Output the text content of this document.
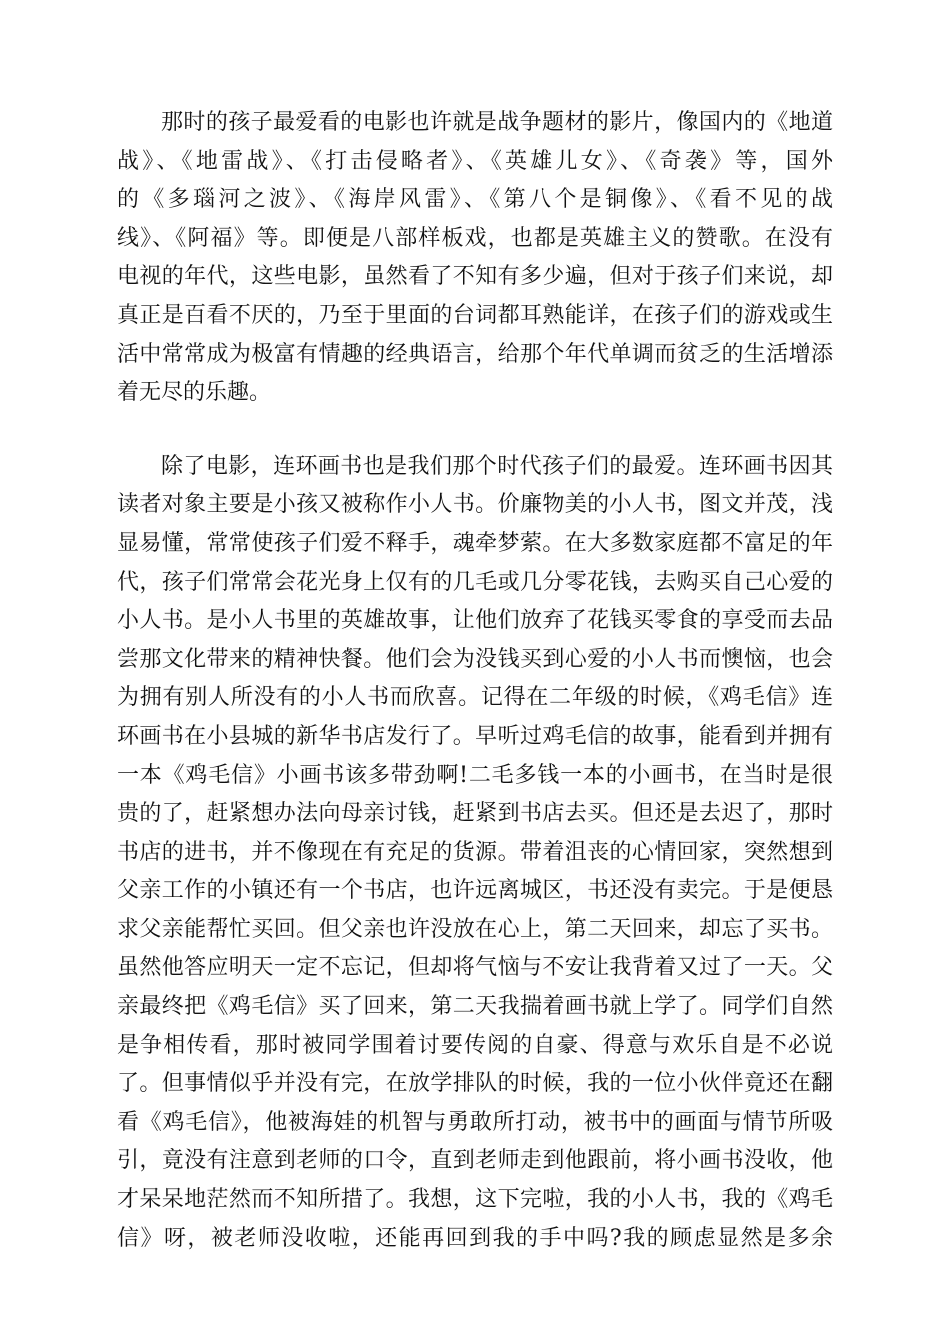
那时的孩子最爱看的电影也许就是战争题材的影片，像国内的《地道
战》、《地雷战》、《打击侵略者》、《英雄儿女》、《奇袭》等，国外
的《多瑙河之波》、《海岸风雷》、《第八个是铜像》、《看不见的战
线》、《阿福》等。即便是八部样板戏，也都是英雄主义的赞歌。在没有
电视的年代，这些电影，虽然看了不知有多少遍，但对于孩子们来说，却
真正是百看不厌的，乃至于里面的台词都耳熟能详，在孩子们的游戏或生
活中常常成为极富有情趣的经典语言，给那个年代单调而贫乏的生活增添
着无尽的乐趣。
除了电影，连环画书也是我们那个时代孩子们的最爱。连环画书因其
读者对象主要是小孩又被称作小人书。价廉物美的小人书，图文并茂，浅
显易懂，常常使孩子们爱不释手，魂牵梦萦。在大多数家庭都不富足的年
代，孩子们常常会花光身上仅有的几毛或几分零花钱，去购买自己心爱的
小人书。是小人书里的英雄故事，让他们放弃了花钱买零食的享受而去品
尝那文化带来的精神快餐。他们会为没钱买到心爱的小人书而懊恼，也会
为拥有别人所没有的小人书而欣喜。记得在二年级的时候，《鸡毛信》连
环画书在小县城的新华书店发行了。早听过鸡毛信的故事，能看到并拥有
一本《鸡毛信》小画书该多带劲啊!二毛多钱一本的小画书，在当时是很
贵的了，赶紧想办法向母亲讨钱，赶紧到书店去买。但还是去迟了，那时
书店的进书，并不像现在有充足的货源。带着沮丧的心情回家，突然想到
父亲工作的小镇还有一个书店，也许远离城区，书还没有卖完。于是便恳
求父亲能帮忙买回。但父亲也许没放在心上，第二天回来，却忘了买书。
虽然他答应明天一定不忘记，但却将气恼与不安让我背着又过了一天。父
亲最终把《鸡毛信》买了回来，第二天我揣着画书就上学了。同学们自然
是争相传看，那时被同学围着讨要传阅的自豪、得意与欢乐自是不必说
了。但事情似乎并没有完，在放学排队的时候，我的一位小伙伴竟还在翻
看《鸡毛信》，他被海娃的机智与勇敢所打动，被书中的画面与情节所吸
引，竟没有注意到老师的口令，直到老师走到他跟前，将小画书没收，他
才呆呆地茫然而不知所措了。我想，这下完啦，我的小人书，我的《鸡毛
信》呀，被老师没收啦，还能再回到我的手中吗?我的顾虑显然是多余
